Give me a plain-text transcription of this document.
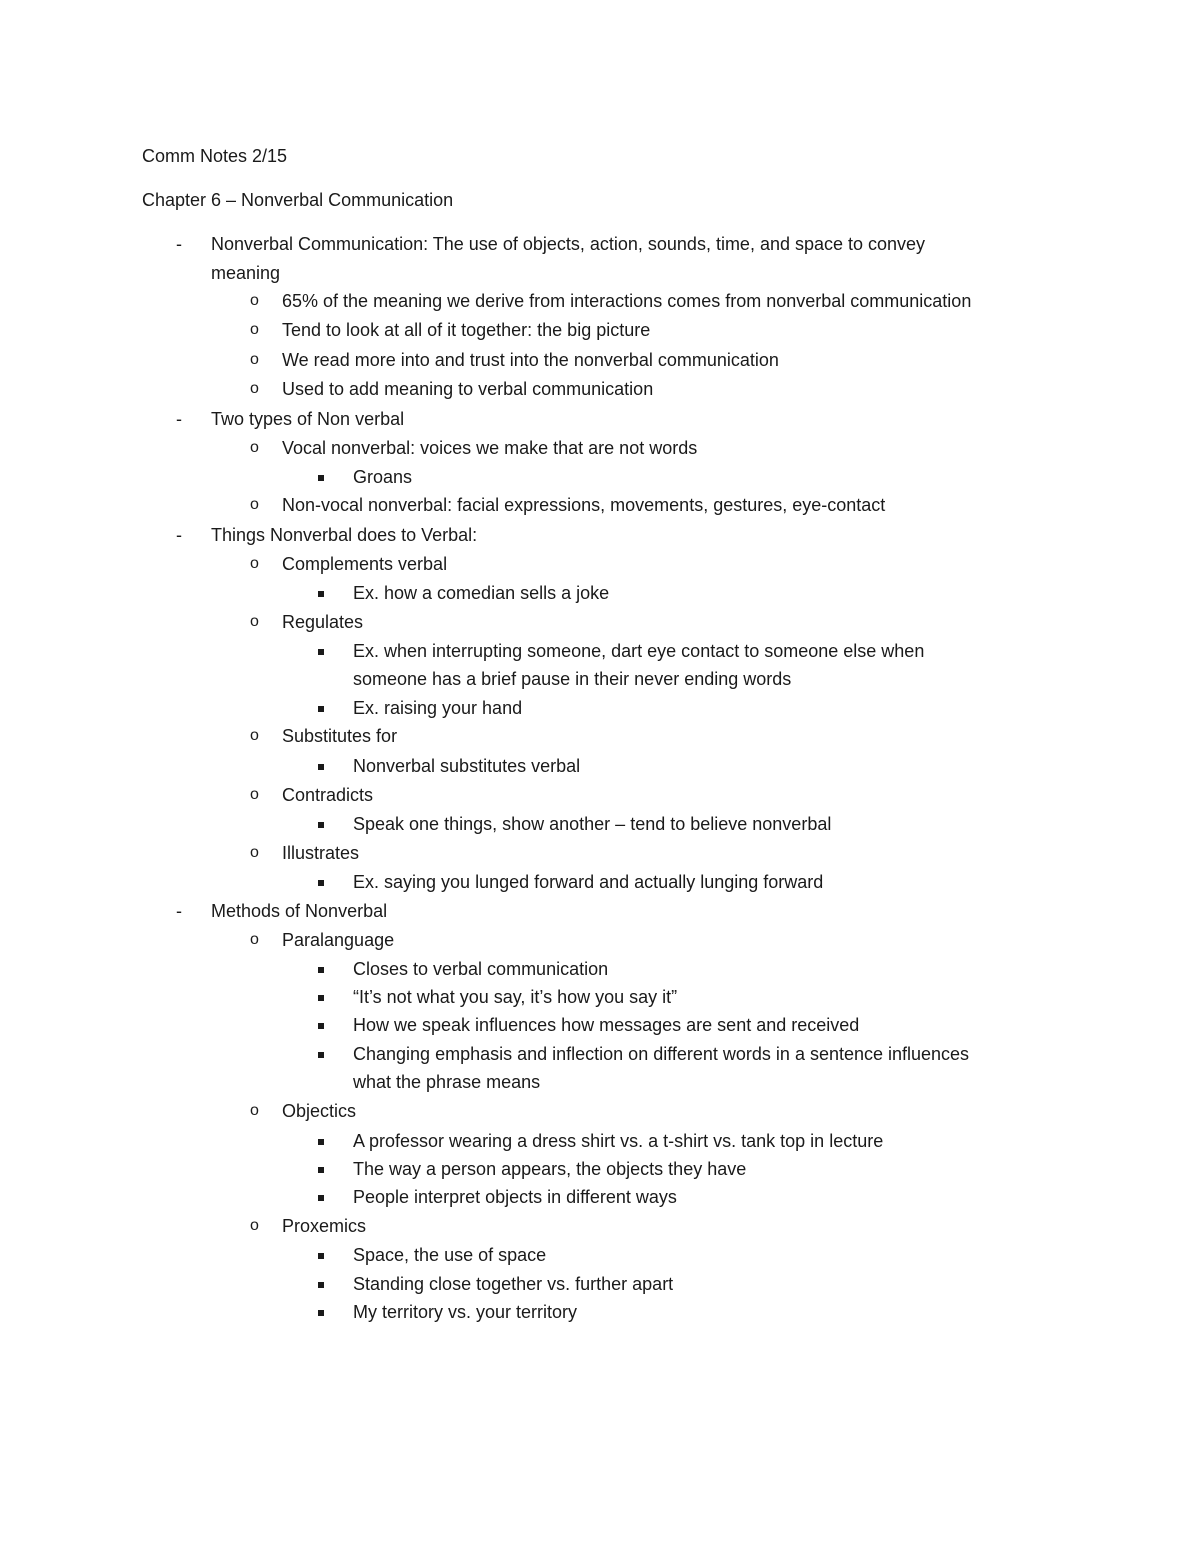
Comm Notes 2/15
Chapter 6 – Nonverbal Communication
- Nonverbal Communication: The use of objects, action, sounds, time, and space to convey
meaning
o 65% of the meaning we derive from interactions comes from nonverbal communication
o Tend to look at all of it together: the big picture
o We read more into and trust into the nonverbal communication
o Used to add meaning to verbal communication
- Two types of Non verbal
o Vocal nonverbal: voices we make that are not words
Groans
o Non-vocal nonverbal: facial expressions, movements, gestures, eye-contact
- Things Nonverbal does to Verbal:
o Complements verbal
Ex. how a comedian sells a joke
o Regulates
Ex. when interrupting someone, dart eye contact to someone else when
someone has a brief pause in their never ending words
Ex. raising your hand
o Substitutes for
Nonverbal substitutes verbal
o Contradicts
Speak one things, show another – tend to believe nonverbal
o Illustrates
Ex. saying you lunged forward and actually lunging forward
- Methods of Nonverbal
o Paralanguage
Closes to verbal communication
“It’s not what you say, it’s how you say it”
How we speak influences how messages are sent and received
Changing emphasis and inflection on different words in a sentence influences
what the phrase means
o Objectics
A professor wearing a dress shirt vs. a t-shirt vs. tank top in lecture
The way a person appears, the objects they have
People interpret objects in different ways
o Proxemics
Space, the use of space
Standing close together vs. further apart
My territory vs. your territory
